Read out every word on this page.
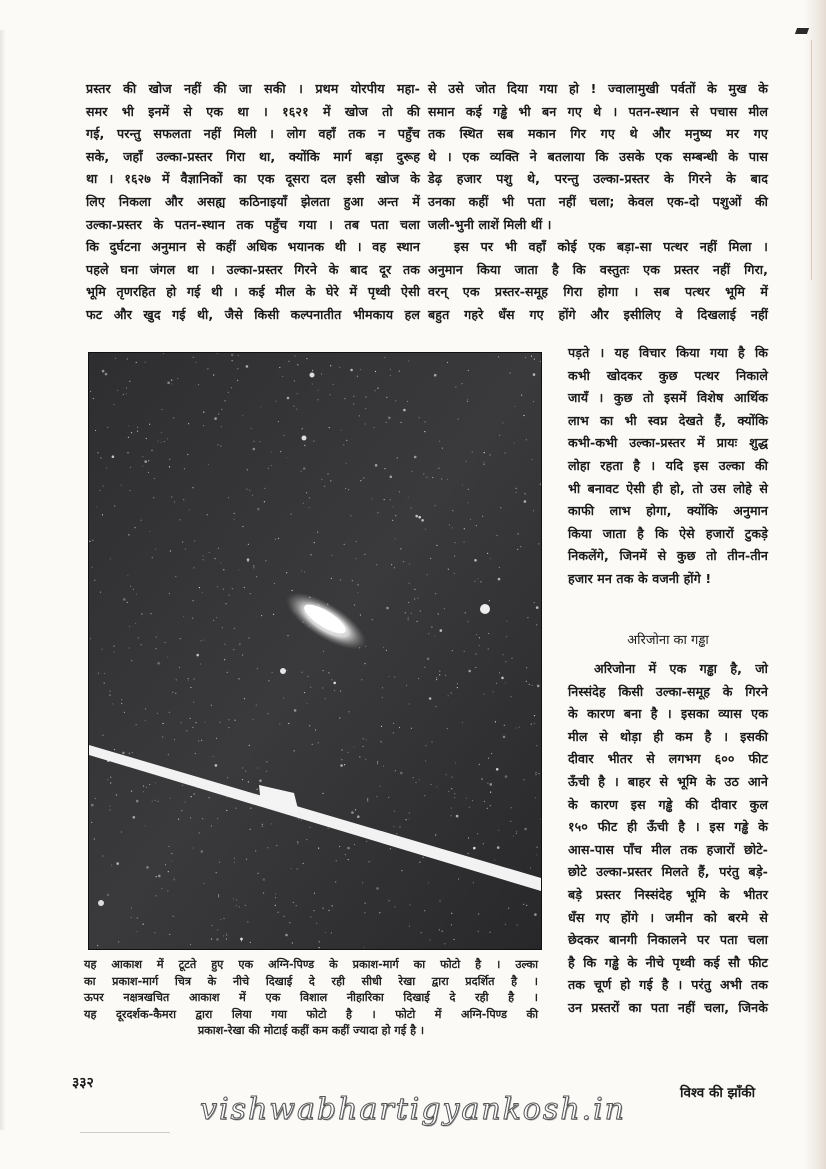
प्रस्तर की खोज नहीं की जा सकी । प्रथम योरपीय महा-
समर भी इनमें से एक था । १६२१ में खोज तो की
गई, परन्तु सफलता नहीं मिली । लोग वहाँ तक न पहुँच
सके, जहाँ उल्का-प्रस्तर गिरा था, क्योंकि मार्ग बड़ा दुरूह
था । १६२७ में वैज्ञानिकों का एक दूसरा दल इसी खोज के
लिए निकला और असह्य कठिनाइयाँ झेलता हुआ अन्त में
उल्का-प्रस्तर के पतन-स्थान तक पहुँच गया । तब पता चला
कि दुर्घटना अनुमान से कहीं अधिक भयानक थी । वह स्थान
पहले घना जंगल था । उल्का-प्रस्तर गिरने के बाद दूर तक
भूमि तृणरहित हो गई थी । कई मील के घेरे में पृथ्वी ऐसी
फट और खुद गई थी, जैसे किसी कल्पनातीत भीमकाय हल
से उसे जोत दिया गया हो ! ज्वालामुखी पर्वतों के मुख के
समान कई गड्ढे भी बन गए थे । पतन-स्थान से पचास मील
तक स्थित सब मकान गिर गए थे और मनुष्य मर गए
थे । एक व्यक्ति ने बतलाया कि उसके एक सम्बन्धी के पास
डेढ़ हजार पशु थे, परन्तु उल्का-प्रस्तर के गिरने के बाद
उनका कहीं भी पता नहीं चला; केवल एक-दो पशुओं की
जली-भुनी लाशें मिली थीं ।
इस पर भी वहाँ कोई एक बड़ा-सा पत्थर नहीं मिला ।
अनुमान किया जाता है कि वस्तुतः एक प्रस्तर नहीं गिरा,
वरन् एक प्रस्तर-समूह गिरा होगा । सब पत्थर भूमि में
बहुत गहरे धँस गए होंगे और इसीलिए वे दिखलाई नहीं
पड़ते । यह विचार किया गया है कि
कभी खोदकर कुछ पत्थर निकाले
जायँ । कुछ तो इसमें विशेष आर्थिक
लाभ का भी स्वप्न देखते हैं, क्योंकि
कभी-कभी उल्का-प्रस्तर में प्रायः शुद्ध
लोहा रहता है । यदि इस उल्का की
भी बनावट ऐसी ही हो, तो उस लोहे से
काफी लाभ होगा, क्योंकि अनुमान
किया जाता है कि ऐसे हजारों टुकड़े
निकलेंगे, जिनमें से कुछ तो तीन-तीन
हजार मन तक के वजनी होंगे !
अरिजोना का गड्ढा
अरिजोना में एक गड्ढा है, जो
निस्संदेह किसी उल्का-समूह के गिरने
के कारण बना है । इसका व्यास एक
मील से थोड़ा ही कम है । इसकी
दीवार भीतर से लगभग ६०० फीट
ऊँची है । बाहर से भूमि के उठ आने
के कारण इस गड्ढे की दीवार कुल
१५० फीट ही ऊँची है । इस गड्ढे के
आस-पास पाँच मील तक हजारों छोटे-
छोटे उल्का-प्रस्तर मिलते हैं, परंतु बड़े-
बड़े प्रस्तर निस्संदेह भूमि के भीतर
धँस गए होंगे । जमीन को बरमे से
छेदकर बानगी निकालने पर पता चला
है कि गड्ढे के नीचे पृथ्वी कई सौ फीट
तक चूर्ण हो गई है । परंतु अभी तक
उन प्रस्तरों का पता नहीं चला, जिनके
यह आकाश में टूटते हुए एक अग्नि-पिण्ड के प्रकाश-मार्ग का फोटो है । उल्का
का प्रकाश-मार्ग चित्र के नीचे दिखाई दे रही सीधी रेखा द्वारा प्रदर्शित है ।
ऊपर नक्षत्रखचित आकाश में एक विशाल नीहारिका दिखाई दे रही है ।
यह दूरदर्शक-कैमरा द्वारा लिया गया फोटो है । फोटो में अग्नि-पिण्ड की
प्रकाश-रेखा की मोटाई कहीं कम कहीं ज्यादा हो गई है ।
३३२
vishwabhartigyankosh.in	विश्व की झाँकी
